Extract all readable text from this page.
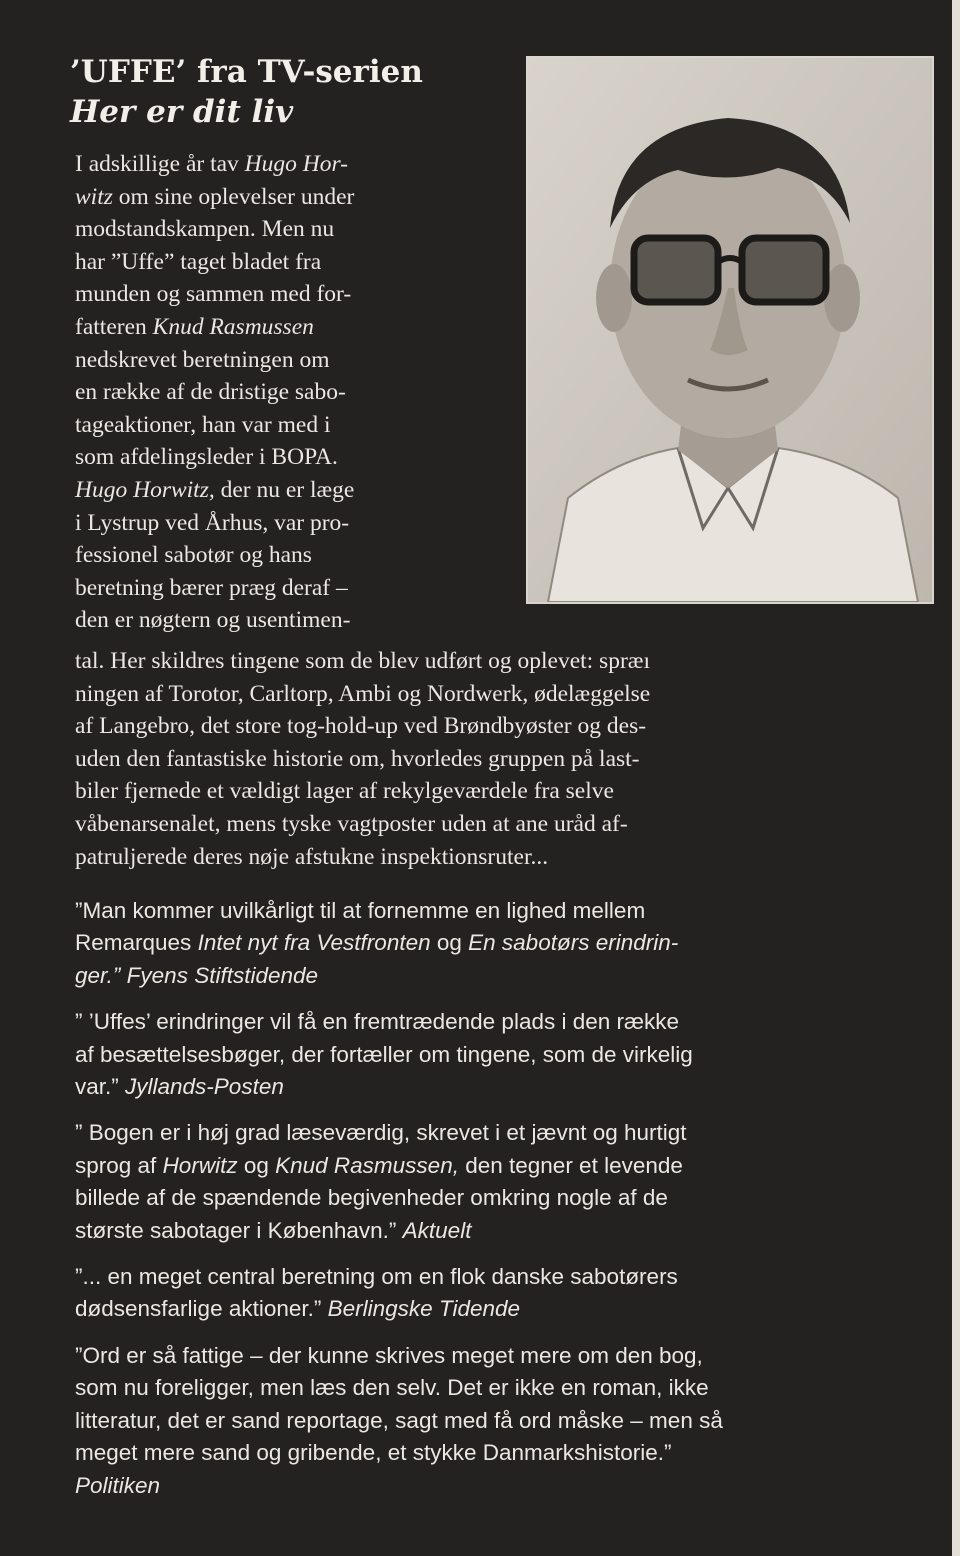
’UFFE’ fra TV-serien
Her er dit liv
I adskillige år tav Hugo Hor-
witz om sine oplevelser under
modstandskampen. Men nu
har ”Uffe” taget bladet fra
munden og sammen med for-
fatteren Knud Rasmussen
nedskrevet beretningen om
en række af de dristige sabo-
tageaktioner, han var med i
som afdelingsleder i BOPA.
Hugo Horwitz, der nu er læge
i Lystrup ved Århus, var pro-
fessionel sabotør og hans
beretning bærer præg deraf –
den er nøgtern og usentimen-
tal. Her skildres tingene som de blev udført og oplevet: spræı
ningen af Torotor, Carltorp, Ambi og Nordwerk, ødelæggelse
af Langebro, det store tog-hold-up ved Brøndbyøster og des-
uden den fantastiske historie om, hvorledes gruppen på last-
biler fjernede et vældigt lager af rekylgeværdele fra selve
våbenarsenalet, mens tyske vagtposter uden at ane uråd af-
patruljerede deres nøje afstukne inspektionsruter...
”Man kommer uvilkårligt til at fornemme en lighed mellem
Remarques Intet nyt fra Vestfronten og En sabotørs erindrin-
ger.” Fyens Stiftstidende
” ’Uffes’ erindringer vil få en fremtrædende plads i den række
af besættelsesbøger, der fortæller om tingene, som de virkelig
var.” Jyllands-Posten
” Bogen er i høj grad læseværdig, skrevet i et jævnt og hurtigt
sprog af Horwitz og Knud Rasmussen, den tegner et levende
billede af de spændende begivenheder omkring nogle af de
største sabotager i København.” Aktuelt
”... en meget central beretning om en flok danske sabotørers
dødsensfarlige aktioner.” Berlingske Tidende
”Ord er så fattige – der kunne skrives meget mere om den bog,
som nu foreligger, men læs den selv. Det er ikke en roman, ikke
litteratur, det er sand reportage, sagt med få ord måske – men så
meget mere sand og gribende, et stykke Danmarkshistorie.”
Politiken
